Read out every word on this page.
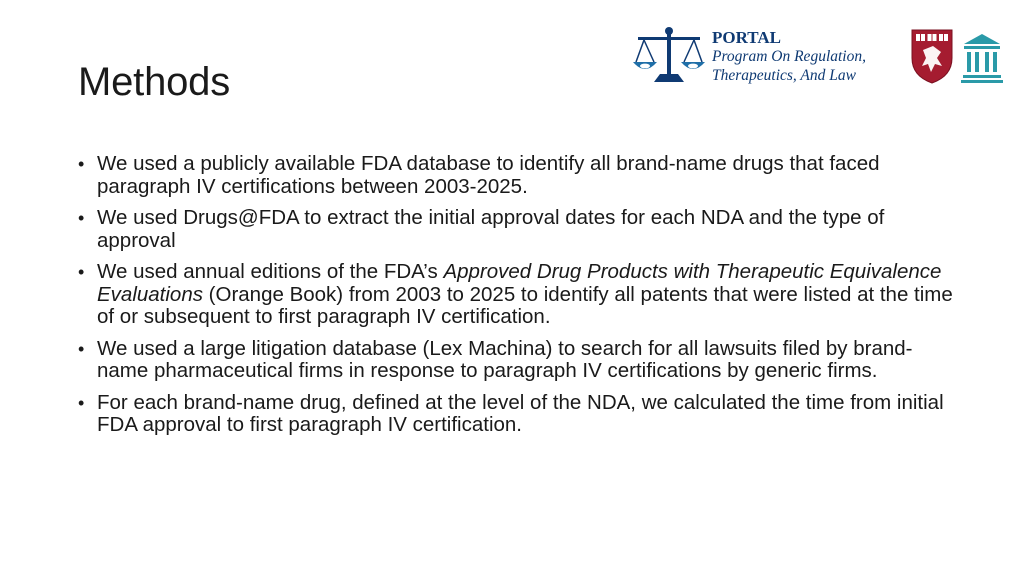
Methods
PORTAL
Program On Regulation,
Therapeutics, And Law
• We used a publicly available FDA database to identify all brand-name drugs that faced paragraph IV certifications between 2003-2025.
• We used Drugs@FDA to extract the initial approval dates for each NDA and the type of approval
• We used annual editions of the FDA’s Approved Drug Products with Therapeutic Equivalence Evaluations (Orange Book) from 2003 to 2025 to identify all patents that were listed at the time of or subsequent to first paragraph IV certification.
• We used a large litigation database (Lex Machina) to search for all lawsuits filed by brand-name pharmaceutical firms in response to paragraph IV certifications by generic firms.
• For each brand-name drug, defined at the level of the NDA, we calculated the time from initial FDA approval to first paragraph IV certification.
